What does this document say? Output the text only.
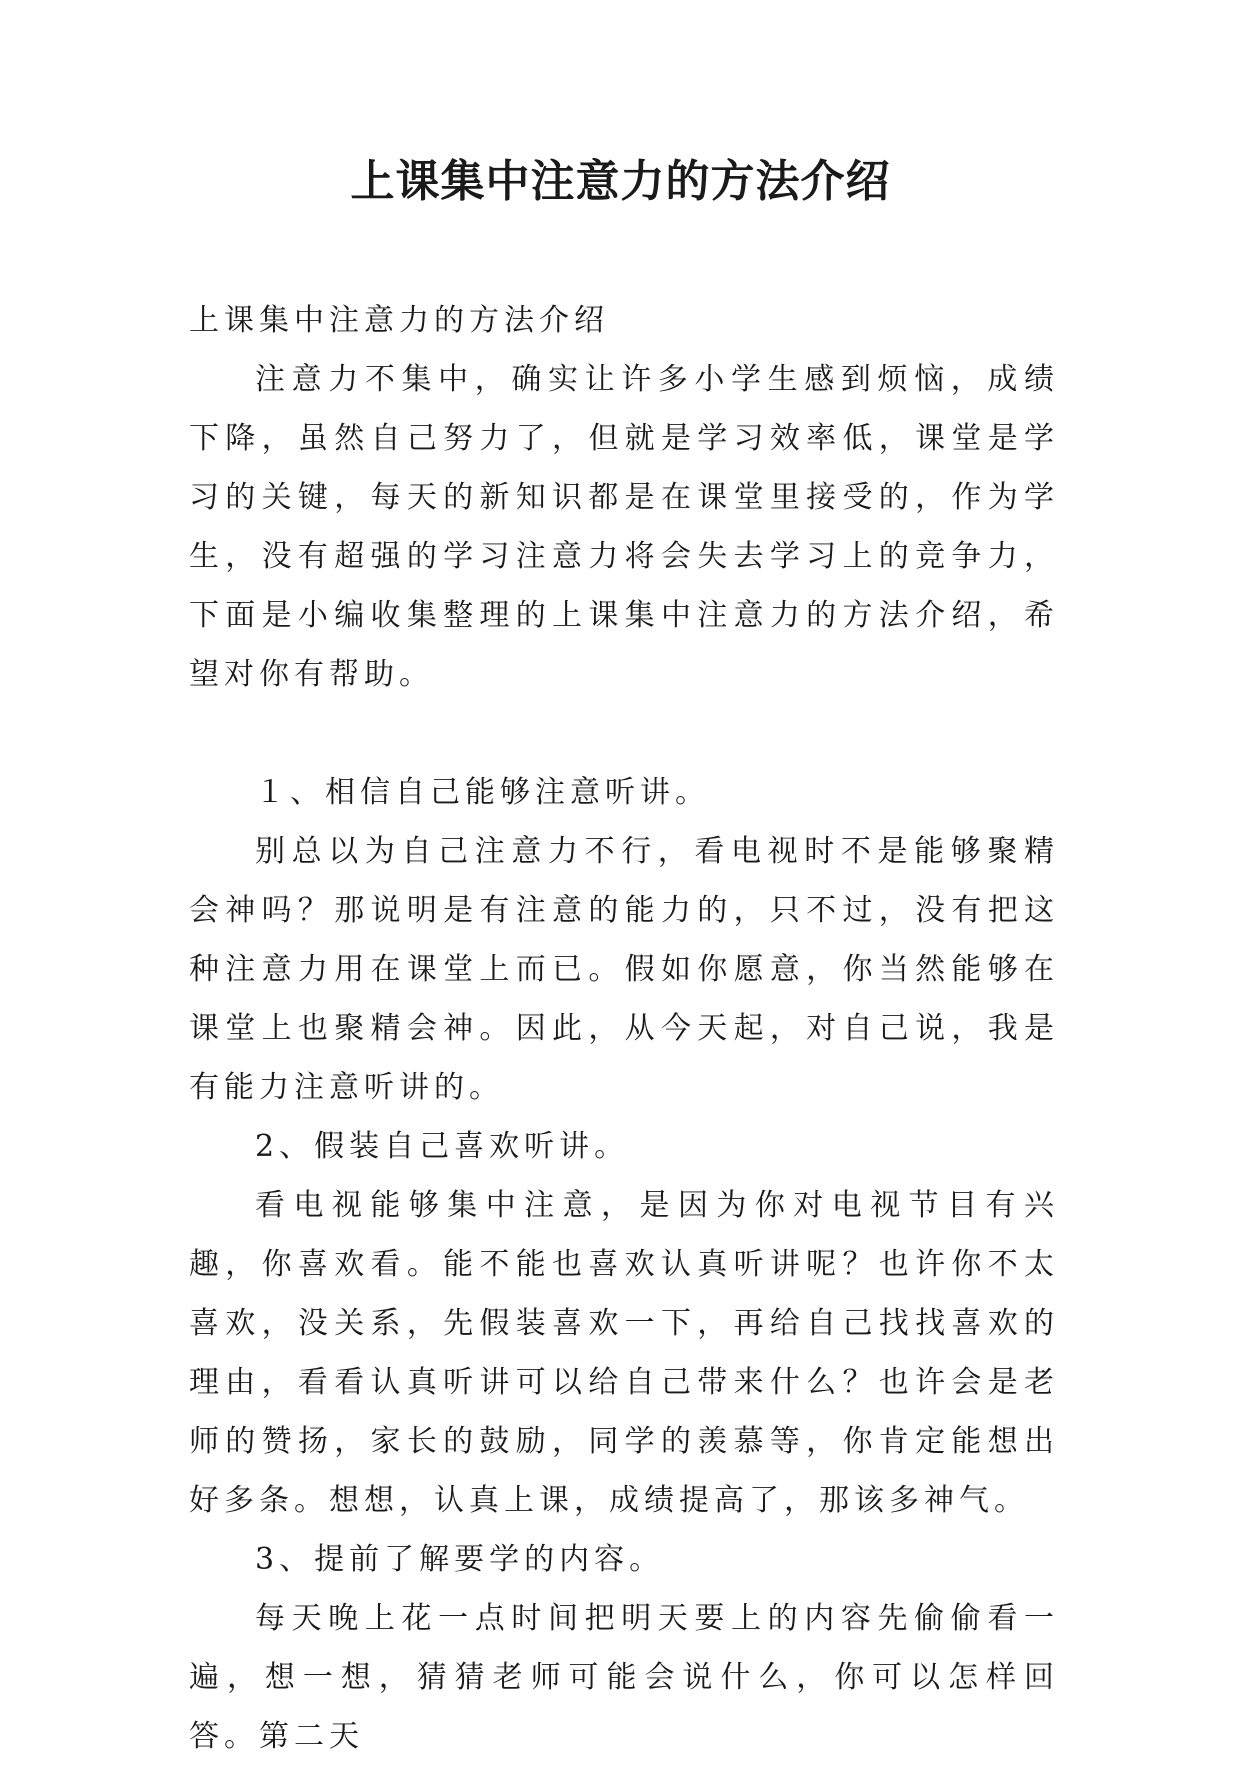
上课集中注意力的方法介绍

上课集中注意力的方法介绍

注意力不集中，确实让许多小学生感到烦恼，成绩下降，虽然自己努力了，但就是学习效率低，课堂是学习的关键，每天的新知识都是在课堂里接受的，作为学生，没有超强的学习注意力将会失去学习上的竞争力，下面是小编收集整理的上课集中注意力的方法介绍，希望对你有帮助。

１、相信自己能够注意听讲。

别总以为自己注意力不行，看电视时不是能够聚精会神吗？那说明是有注意的能力的，只不过，没有把这种注意力用在课堂上而已。假如你愿意，你当然能够在课堂上也聚精会神。因此，从今天起，对自己说，我是有能力注意听讲的。

2、假装自己喜欢听讲。

看电视能够集中注意，是因为你对电视节目有兴趣，你喜欢看。能不能也喜欢认真听讲呢？也许你不太喜欢，没关系，先假装喜欢一下，再给自己找找喜欢的理由，看看认真听讲可以给自己带来什么？也许会是老师的赞扬，家长的鼓励，同学的羡慕等，你肯定能想出好多条。想想，认真上课，成绩提高了，那该多神气。

3、提前了解要学的内容。

每天晚上花一点时间把明天要上的内容先偷偷看一遍，想一想，猜猜老师可能会说什么，你可以怎样回答。第二天
